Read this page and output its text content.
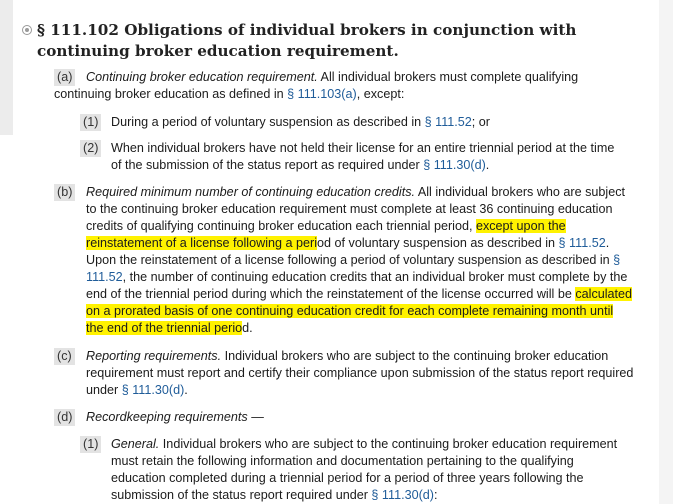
§ 111.102 Obligations of individual brokers in conjunction with continuing broker education requirement.
(a)	Continuing broker education requirement. All individual brokers must complete qualifying continuing broker education as defined in § 111.103(a), except:
(1) During a period of voluntary suspension as described in § 111.52; or
(2) When individual brokers have not held their license for an entire triennial period at the time of the submission of the status report as required under § 111.30(d).
(b)	Required minimum number of continuing education credits. All individual brokers who are subject to the continuing broker education requirement must complete at least 36 continuing education credits of qualifying continuing broker education each triennial period, except upon the reinstatement of a license following a period of voluntary suspension as described in § 111.52. Upon the reinstatement of a license following a period of voluntary suspension as described in § 111.52, the number of continuing education credits that an individual broker must complete by the end of the triennial period during which the reinstatement of the license occurred will be calculated on a prorated basis of one continuing education credit for each complete remaining month until the end of the triennial period.
(c)	Reporting requirements. Individual brokers who are subject to the continuing broker education requirement must report and certify their compliance upon submission of the status report required under § 111.30(d).
(d)	Recordkeeping requirements —
(1) General. Individual brokers who are subject to the continuing broker education requirement must retain the following information and documentation pertaining to the qualifying education completed during a triennial period for a period of three years following the submission of the status report required under § 111.30(d):
